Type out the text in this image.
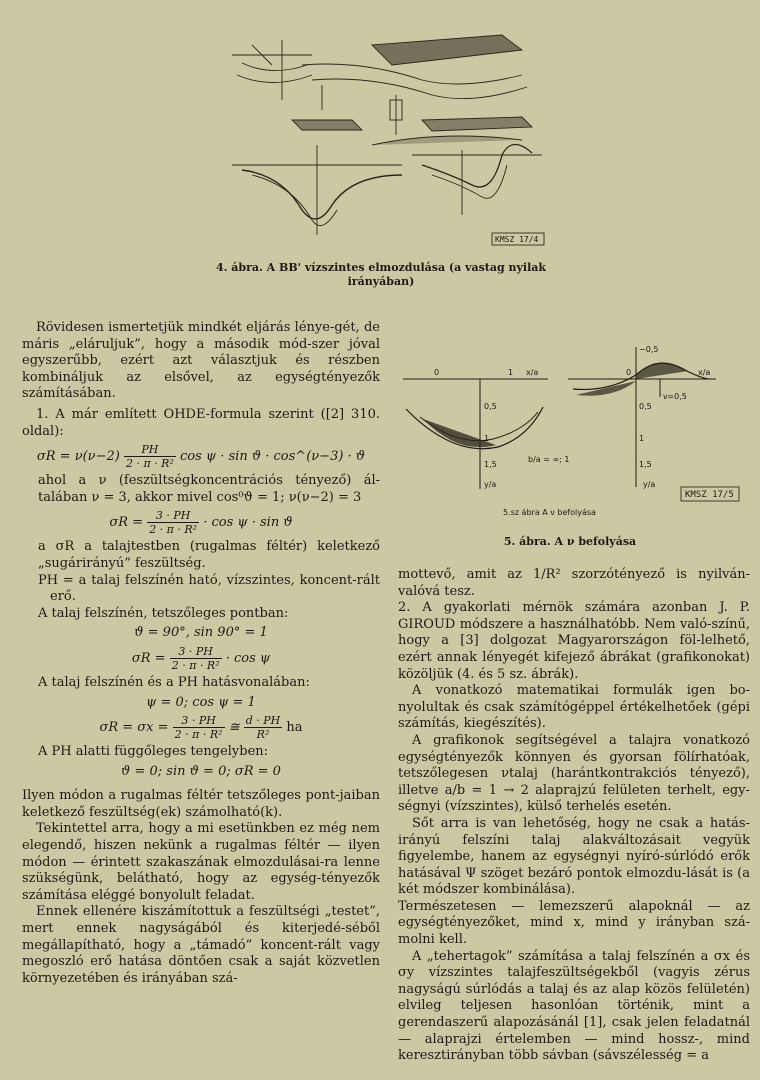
KMSZ 17/4
4. ábra. A BB' vízszintes elmozdulása (a vastag nyilak
irányában)
0	1 x/a
0,5
1
1,5
y/a
b/a = ∞; 1
−0,5
0	x/a
ν=0,5
0,5
1
1,5
y/a
5.sz ábra A ν befolyása
KMSZ 17/5
5. ábra. A ν befolyása

Rövidesen ismertetjük mindkét eljárás lénye-gét, de máris „eláruljuk”, hogy a második mód-szer jóval egyszerűbb, ezért azt választjuk és részben kombináljuk az elsővel, az egységtényezők számításában.

1. A már említett OHDE-formula szerint ([2] 310. oldal):

$\sigma R = \nu(\nu-2) \frac{PH}{\text{2 · π · R²}}$ cos ψ · sin ϑ · cos^(ν−3) · ϑ

ahol a ν (feszültségkoncentrációs tényező) ál-talában ν = 3, akkor mivel cos⁰ϑ = 1; ν(ν−2) = 3

$\sigma R = \frac{3 \cdot PH}{\text{2 · π · R²}} \cdot \cos \psi \cdot \sin ϑ$

a σR a talajtestben (rugalmas féltér) keletkező „sugárirányú” feszültség.

PH = a talaj felszínén ható, vízszintes, koncent-rált erő.

A talaj felszínén, tetszőleges pontban:

ϑ = 90°, sin 90° = 1
$\sigma R = \frac{3 \cdot PH}{\text{2 · π · R²}} \cdot \cos \psi$

A talaj felszínén és a PH hatásvonalában:

ψ = 0; cos ψ = 1
$\sigma R = \sigma x = \frac{3 \cdot PH}{\text{2 · π · R²}}$ ≅ $\frac{d \cdot PH}{\text{R²}}$ ha

A PH alatti függőleges tengelyben:

ϑ = 0; sin ϑ = 0; σR = 0

Ilyen módon a rugalmas féltér tetszőleges pont-jaiban keletkező feszültség(ek) számolható(k).

Tekintettel arra, hogy a mi esetünkben ez még nem elegendő, hiszen nekünk a rugalmas féltér — ilyen módon — érintett szakaszának elmozdulásai-ra lenne szükségünk, belátható, hogy az egység-tényezők számítása eléggé bonyolult feladat.

Ennek ellenére kiszámítottuk a feszültségi „testet”, mert ennek nagyságából és kiterjedé-séből megállapítható, hogy a „támadó” koncent-rált vagy megoszló erő hatása döntően csak a saját közvetlen környezetében és irányában szá-

mottevő, amit az 1/R² szorzótényező is nyilván-valóvá tesz.

2. A gyakorlati mérnök számára azonban J. P. GIROUD módszere a használhatóbb. Nem való-színű, hogy a [3] dolgozat Magyarországon föl-lelhető, ezért annak lényegét kifejező ábrákat (grafikonokat) közöljük (4. és 5 sz. ábrák).

A vonatkozó matematikai formulák igen bo-nyolultak és csak számítógéppel értékelhetőek (gépi számítás, kiegészítés).

A grafikonok segítségével a talajra vonatkozó egységtényezők könnyen és gyorsan fölírhatóak, tetszőlegesen νtalaj (harántkontrakciós tényező), illetve a/b = 1 → 2 alaprajzú felületen terhelt, egy-ségnyi (vízszintes), külső terhelés esetén.

Sőt arra is van lehetőség, hogy ne csak a hatás-irányú felszíni talaj alakváltozásait vegyük figyelembe, hanem az egységnyi nyíró-súrlódó erők hatásával Ψ szöget bezáró pontok elmozdu-lását is (a két módszer kombinálása).

Természetesen — lemezszerű alapoknál — az egységtényezőket, mind x, mind y irányban szá-molni kell.

A „tehertagok” számítása a talaj felszínén a σx és σy vízszintes talajfeszültségekből (vagyis zérus nagyságú súrlódás a talaj és az alap közös felületén) elvileg teljesen hasonlóan történik, mint a gerendaszerű alapozásánál [1], csak jelen feladatnál — alaprajzi értelemben — mind hossz-, mind keresztirányban több sávban (sávszélesség = a
